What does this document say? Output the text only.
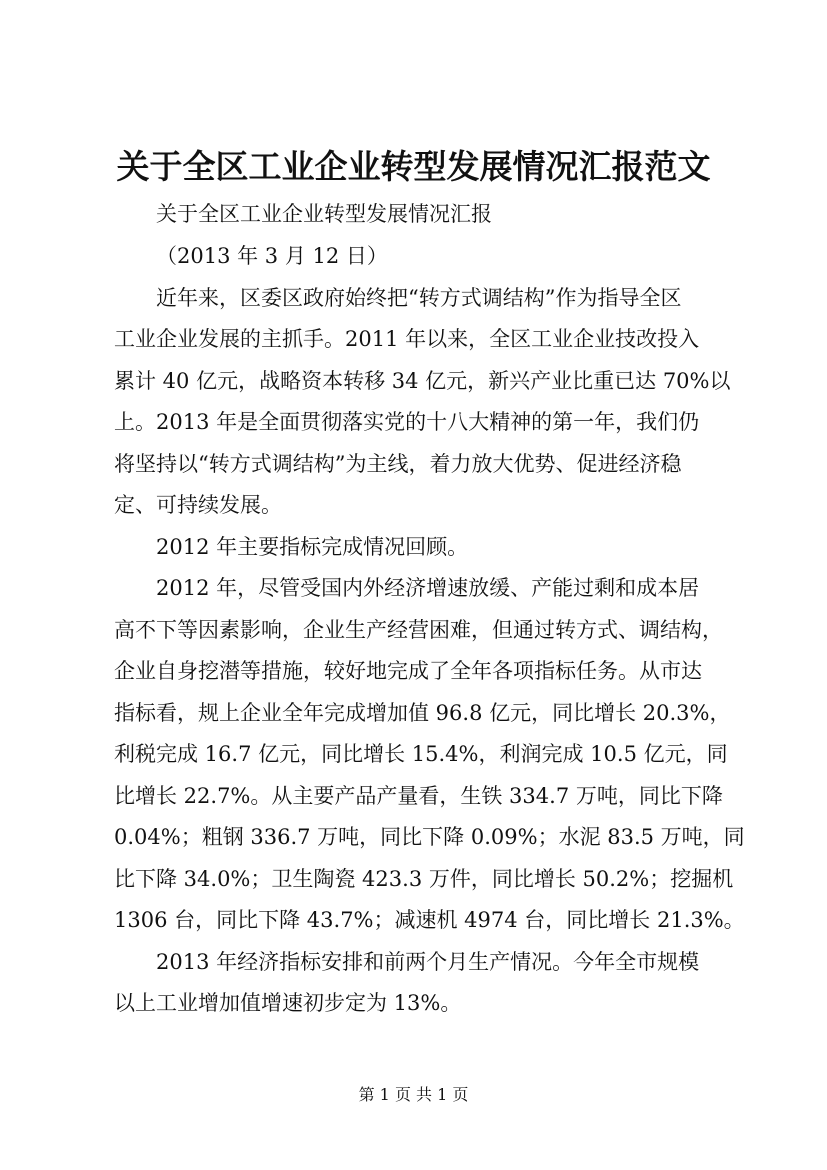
关于全区工业企业转型发展情况汇报范文

关于全区工业企业转型发展情况汇报

（2013 年 3 月 12 日）

近年来，区委区政府始终把“转方式调结构”作为指导全区

工业企业发展的主抓手。2011 年以来，全区工业企业技改投入

累计 40 亿元，战略资本转移 34 亿元，新兴产业比重已达 70%以

上。2013 年是全面贯彻落实党的十八大精神的第一年，我们仍

将坚持以“转方式调结构”为主线，着力放大优势、促进经济稳

定、可持续发展。

2012 年主要指标完成情况回顾。

2012 年，尽管受国内外经济增速放缓、产能过剩和成本居

高不下等因素影响，企业生产经营困难，但通过转方式、调结构，

企业自身挖潜等措施，较好地完成了全年各项指标任务。从市达

指标看，规上企业全年完成增加值 96.8 亿元，同比增长 20.3%，

利税完成 16.7 亿元，同比增长 15.4%，利润完成 10.5 亿元，同

比增长 22.7%。从主要产品产量看，生铁 334.7 万吨，同比下降

0.04%；粗钢 336.7 万吨，同比下降 0.09%；水泥 83.5 万吨，同

比下降 34.0%；卫生陶瓷 423.3 万件，同比增长 50.2%；挖掘机

1306 台，同比下降 43.7%；减速机 4974 台，同比增长 21.3%。

2013 年经济指标安排和前两个月生产情况。今年全市规模

以上工业增加值增速初步定为 13%。

第 1 页 共 1 页
